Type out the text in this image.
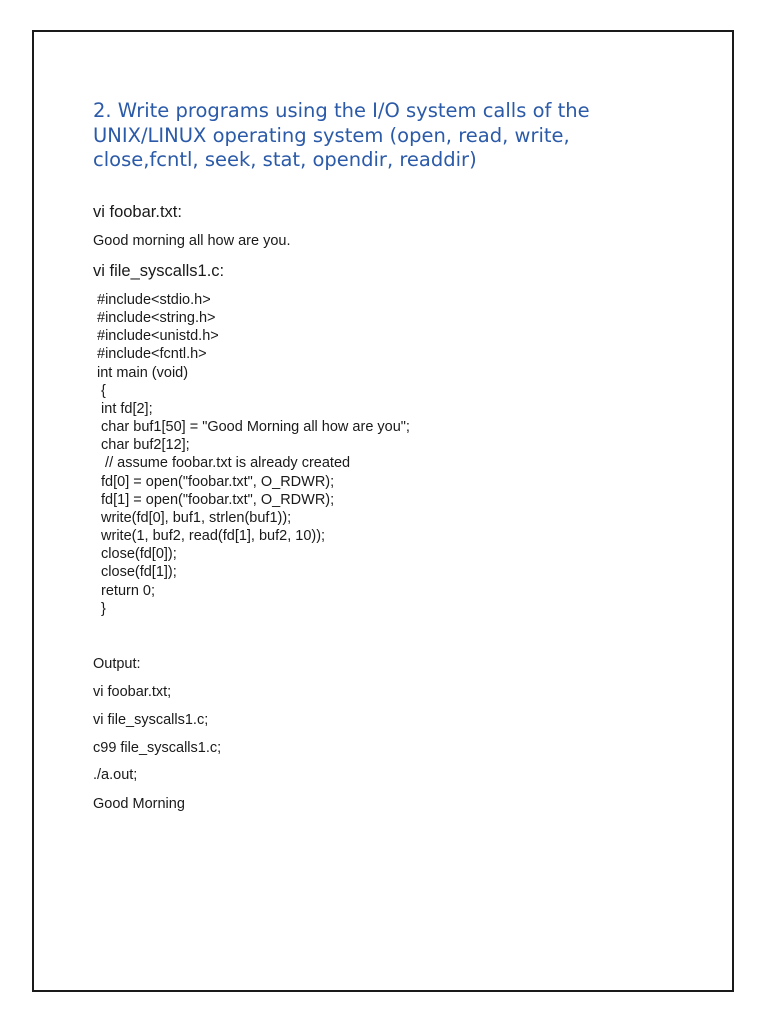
2. Write programs using the I/O system calls of the
UNIX/LINUX operating system (open, read, write,
close,fcntl, seek, stat, opendir, readdir)
vi foobar.txt:
Good morning all how are you.
vi file_syscalls1.c:
#include<stdio.h>
#include<string.h>
#include<unistd.h>
#include<fcntl.h>
int main (void)
{
int fd[2];
char buf1[50] = "Good Morning all how are you";
char buf2[12];
// assume foobar.txt is already created
fd[0] = open("foobar.txt", O_RDWR);
fd[1] = open("foobar.txt", O_RDWR);
write(fd[0], buf1, strlen(buf1));
write(1, buf2, read(fd[1], buf2, 10));
close(fd[0]);
close(fd[1]);
return 0;
}
Output:
vi foobar.txt;
vi file_syscalls1.c;
c99 file_syscalls1.c;
./a.out;
Good Morning
